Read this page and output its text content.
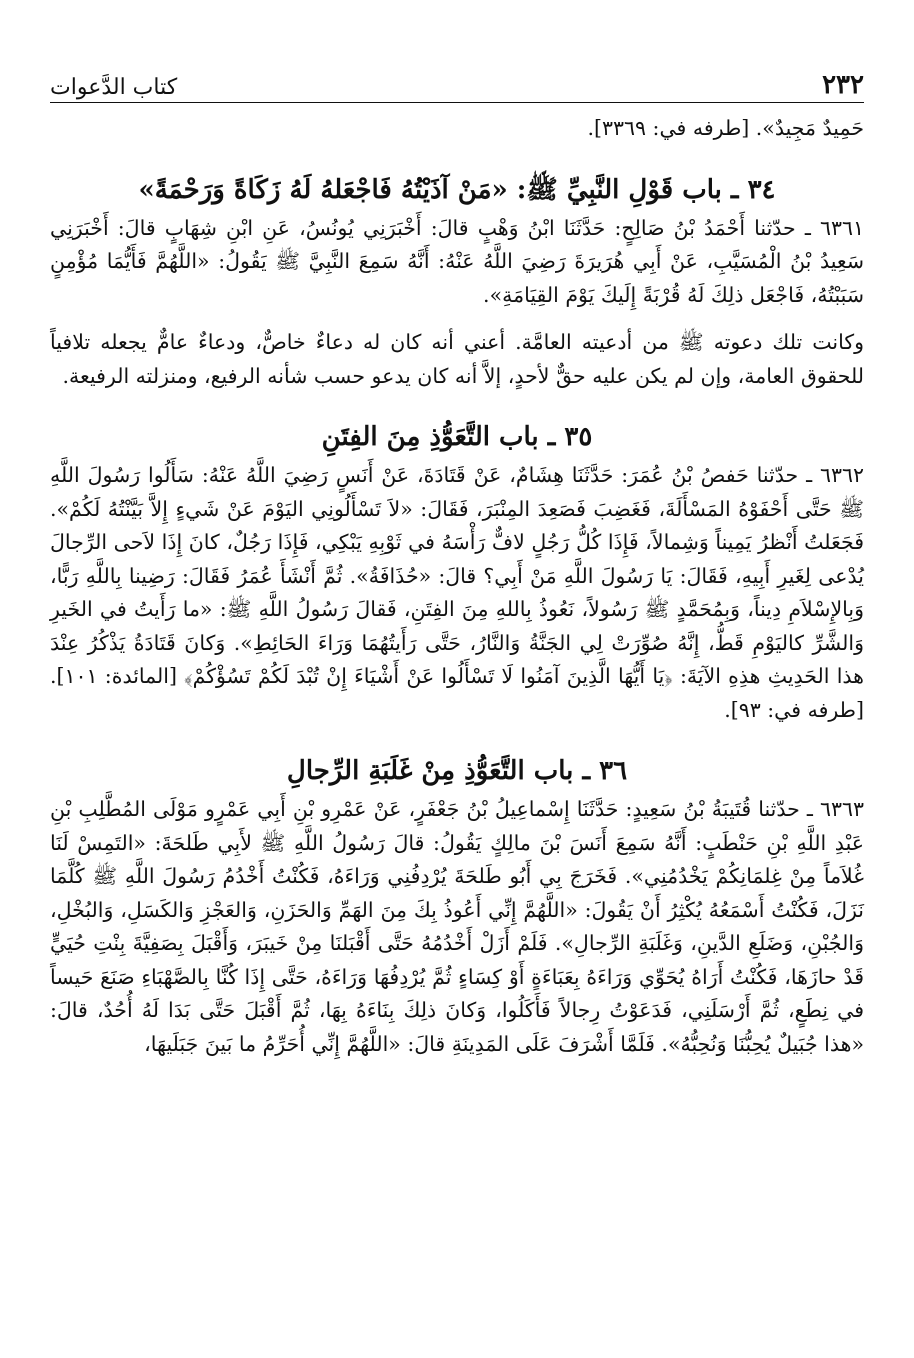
٢٣٢
كتاب الدَّعوات

حَمِيدٌ مَجِيدٌ». [طرفه في: ٣٣٦٩].

٣٤ ـ باب قَوْلِ النَّبِيِّ ﷺ: «مَنْ آذَيْتُهُ فَاجْعَلهُ لَهُ زَكَاةً وَرَحْمَةً»

٦٣٦١ ـ حدّثنا أَحْمَدُ بْنُ صَالِحٍ: حَدَّثَنَا ابْنُ وَهْبٍ قالَ: أَخْبَرَنِي يُونُسُ، عَنِ ابْنِ شِهَابٍ قالَ: أَخْبَرَنِي سَعِيدُ بْنُ الْمُسَيَّبِ، عَنْ أَبِي هُرَيرَةَ رَضِيَ اللَّهُ عَنْهُ: أَنَّهُ سَمِعَ النَّبِيَّ ﷺ يَقُولُ: «اللَّهُمَّ فَأَيُّمَا مُؤْمِنٍ سَبَبْتُهُ، فَاجْعَل ذلِكَ لَهُ قُرْبَةً إِلَيكَ يَوْمَ القِيَامَةِ».

وكانت تلك دعوته ﷺ من أدعيته العامَّة. أعني أنه كان له دعاءٌ خاصٌّ، ودعاءٌ عامٌّ يجعله تلافياً للحقوق العامة، وإن لم يكن عليه حقٌّ لأحدٍ، إلاَّ أنه كان يدعو حسب شأنه الرفيع، ومنزلته الرفيعة.

٣٥ ـ باب التَّعَوُّذِ مِنَ الفِتَنِ

٦٣٦٢ ـ حدّثنا حَفصُ بْنُ عُمَرَ: حَدَّثَنَا هِشَامٌ، عَنْ قَتَادَةَ، عَنْ أَنَسٍ رَضِيَ اللَّهُ عَنْهُ: سَأَلُوا رَسُولَ اللَّهِ ﷺ حَتَّى أَحْفَوْهُ المَسْأَلَةَ، فَغَضِبَ فَصَعِدَ المِنْبَرَ، فَقَالَ: «لاَ تَسْأَلُونِي اليَوْمَ عَنْ شَيءٍ إِلاَّ بَيَّنْتُهُ لَكُمْ». فَجَعَلتُ أَنْظرُ يَمِيناً وَشِمالاً، فَإِذَا كُلُّ رَجُلٍ لافٌّ رَأْسَهُ في ثَوْبِهِ يَبْكِي، فَإِذَا رَجُلٌ، كانَ إِذَا لاَحى الرِّجالَ يُدْعى لِغَيرِ أَبِيهِ، فَقَالَ: يَا رَسُولَ اللَّهِ مَنْ أَبِي؟ قالَ: «حُذَافَةُ». ثُمَّ أَنْشَأَ عُمَرُ فَقَالَ: رَضِينا بِاللَّهِ رَبًّا، وَبِالإِسْلاَمِ دِيناً، وَبِمُحَمَّدٍ ﷺ رَسُولاً، نَعُوذُ بِاللهِ مِنَ الفِتَنِ، فَقالَ رَسُولُ اللَّهِ ﷺ: «ما رَأَيتُ في الخَيرِ وَالشَّرِّ كاليَوْمِ قَطُّ، إِنَّهُ صُوِّرَتْ لِي الجَنَّةُ وَالنَّارُ، حَتَّى رَأَيتُهُمَا وَرَاءَ الحَائِطِ». وَكانَ قَتَادَةُ يَذْكُرُ عِنْدَ هذا الحَدِيثِ هذِهِ الآيَةَ: ﴿يَا أَيُّهَا الَّذِينَ آمَنُوا لَا تَسْأَلُوا عَنْ أَشْيَاءَ إِنْ تُبْدَ لَكُمْ تَسُؤْكُمْ﴾ [المائدة: ١٠١]. [طرفه في: ٩٣].

٣٦ ـ باب التَّعَوُّذِ مِنْ غَلَبَةِ الرِّجالِ

٦٣٦٣ ـ حدّثنا قُتَيبَةُ بْنُ سَعِيدٍ: حَدَّثَنَا إِسْماعِيلُ بْنُ جَعْفَرٍ، عَنْ عَمْرِو بْنِ أَبِي عَمْرٍو مَوْلَى المُطَّلِبِ بْنِ عَبْدِ اللَّهِ بْنِ حَنْطَبٍ: أَنَّهُ سَمِعَ أَنَسَ بْنَ مالِكٍ يَقُولُ: قالَ رَسُولُ اللَّهِ ﷺ لأَبِي طَلحَةَ: «التَمِسْ لَنَا غُلاَماً مِنْ غِلمَانِكُمْ يَخْدُمُنِي». فَخَرَجَ بِي أَبُو طَلحَةَ يُرْدِفُنِي وَرَاءَهُ، فَكُنْتُ أَخْدُمُ رَسُولَ اللَّهِ ﷺ كُلَّمَا نَزَلَ، فَكُنْتُ أَسْمَعُهُ يُكْثِرُ أَنْ يَقُولَ: «اللَّهُمَّ إِنِّي أَعُوذُ بِكَ مِنَ الهَمِّ وَالحَزَنِ، وَالعَجْزِ وَالكَسَلِ، وَالبُخْلِ، وَالجُبْنِ، وَضَلَعِ الدَّينِ، وَغَلَبَةِ الرِّجالِ». فَلَمْ أَزَلْ أَخْدُمُهُ حَتَّى أَقْبَلنَا مِنْ خَيبَرَ، وَأَقْبَلَ بِصَفِيَّةَ بِنْتِ حُيَيٍّ قَدْ حازَهَا، فَكُنْتُ أَرَاهُ يُحَوِّي وَرَاءَهُ بِعَبَاءَةٍ أَوْ كِسَاءٍ ثُمَّ يُرْدِفُهَا وَرَاءَهُ، حَتَّى إِذَا كُنَّا بِالصَّهْبَاءِ صَنَعَ حَيساً في نِطَعٍ، ثُمَّ أَرْسَلَنِي، فَدَعَوْتُ رِجالاً فَأَكَلُوا، وَكانَ ذلِكَ بِنَاءَهُ بِهَا، ثُمَّ أَقْبَلَ حَتَّى بَدَا لَهُ أُحُدٌ، قالَ: «هذا جُبَيلٌ يُحِبُّنَا وَنُحِبُّهُ». فَلَمَّا أَشْرَفَ عَلَى المَدِينَةِ قالَ: «اللَّهُمَّ إِنِّي أُحَرِّمُ ما بَينَ جَبَلَيهَا،
